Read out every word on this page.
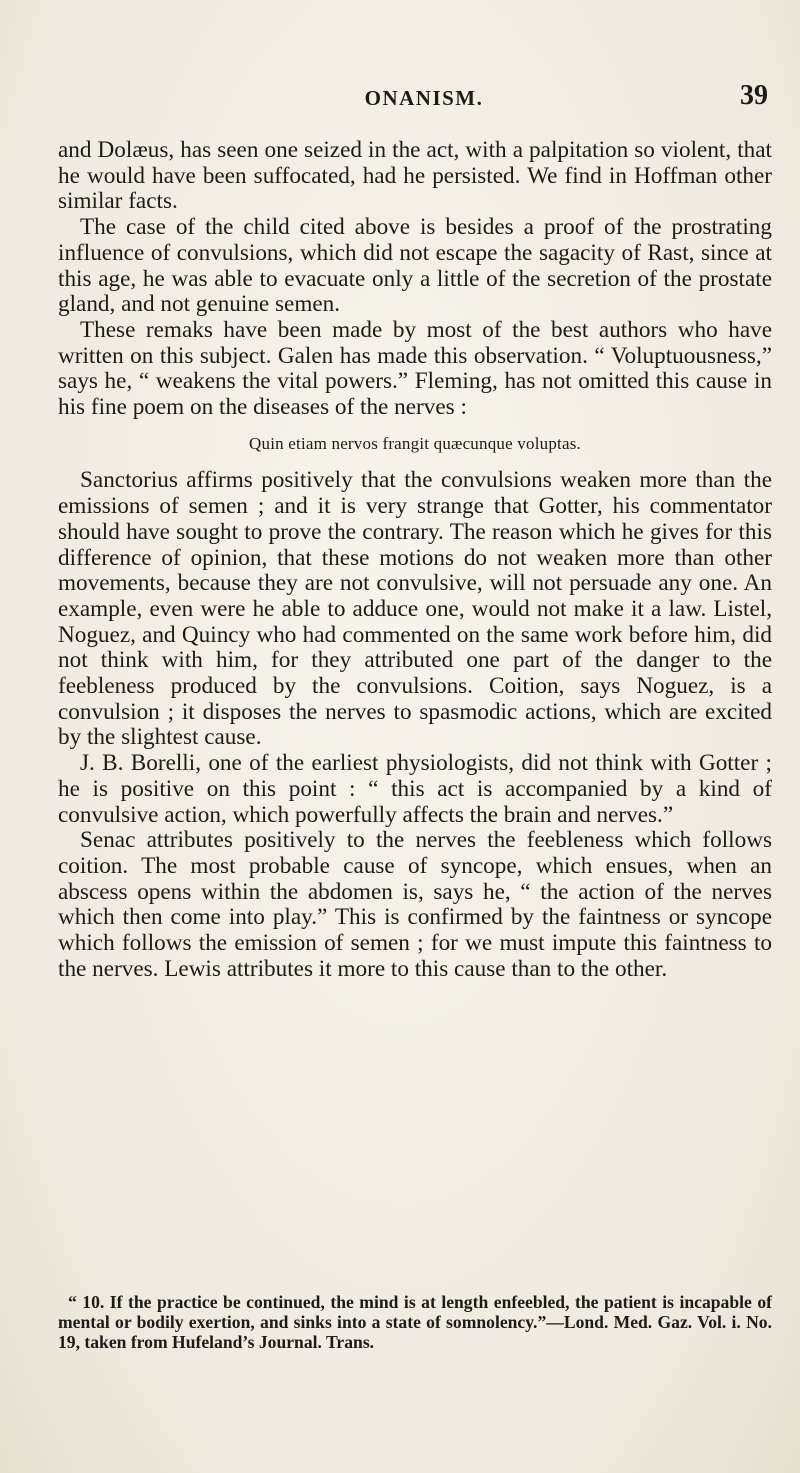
ONANISM.	39

and Dolæus, has seen one seized in the act, with a palpitation so violent, that he would have been suffocated, had he persisted. We find in Hoffman other similar facts.

The case of the child cited above is besides a proof of the prostrating influence of convulsions, which did not escape the sagacity of Rast, since at this age, he was able to evacuate only a little of the secretion of the prostate gland, and not genuine semen.

These remaks have been made by most of the best authors who have written on this subject. Galen has made this observation. “ Voluptuousness,” says he, “ weakens the vital powers.” Fleming, has not omitted this cause in his fine poem on the diseases of the nerves :

Quin etiam nervos frangit quæcunque voluptas.

Sanctorius affirms positively that the convulsions weaken more than the emissions of semen ; and it is very strange that Gotter, his commentator should have sought to prove the contrary. The reason which he gives for this difference of opinion, that these motions do not weaken more than other movements, because they are not convulsive, will not persuade any one. An example, even were he able to adduce one, would not make it a law. Listel, Noguez, and Quincy who had commented on the same work before him, did not think with him, for they attributed one part of the danger to the feebleness produced by the convulsions. Coition, says Noguez, is a convulsion ; it disposes the nerves to spasmodic actions, which are excited by the slightest cause.

J. B. Borelli, one of the earliest physiologists, did not think with Gotter ; he is positive on this point : “ this act is accompanied by a kind of convulsive action, which powerfully affects the brain and nerves.”

Senac attributes positively to the nerves the feebleness which follows coition. The most probable cause of syncope, which ensues, when an abscess opens within the abdomen is, says he, “ the action of the nerves which then come into play.” This is confirmed by the faintness or syncope which follows the emission of semen ; for we must impute this faintness to the nerves. Lewis attributes it more to this cause than to the other.

“ 10. If the practice be continued, the mind is at length enfeebled, the patient is incapable of mental or bodily exertion, and sinks into a state of somnolency.”—Lond. Med. Gaz. Vol. i. No. 19, taken from Hufeland’s Journal. Trans.
